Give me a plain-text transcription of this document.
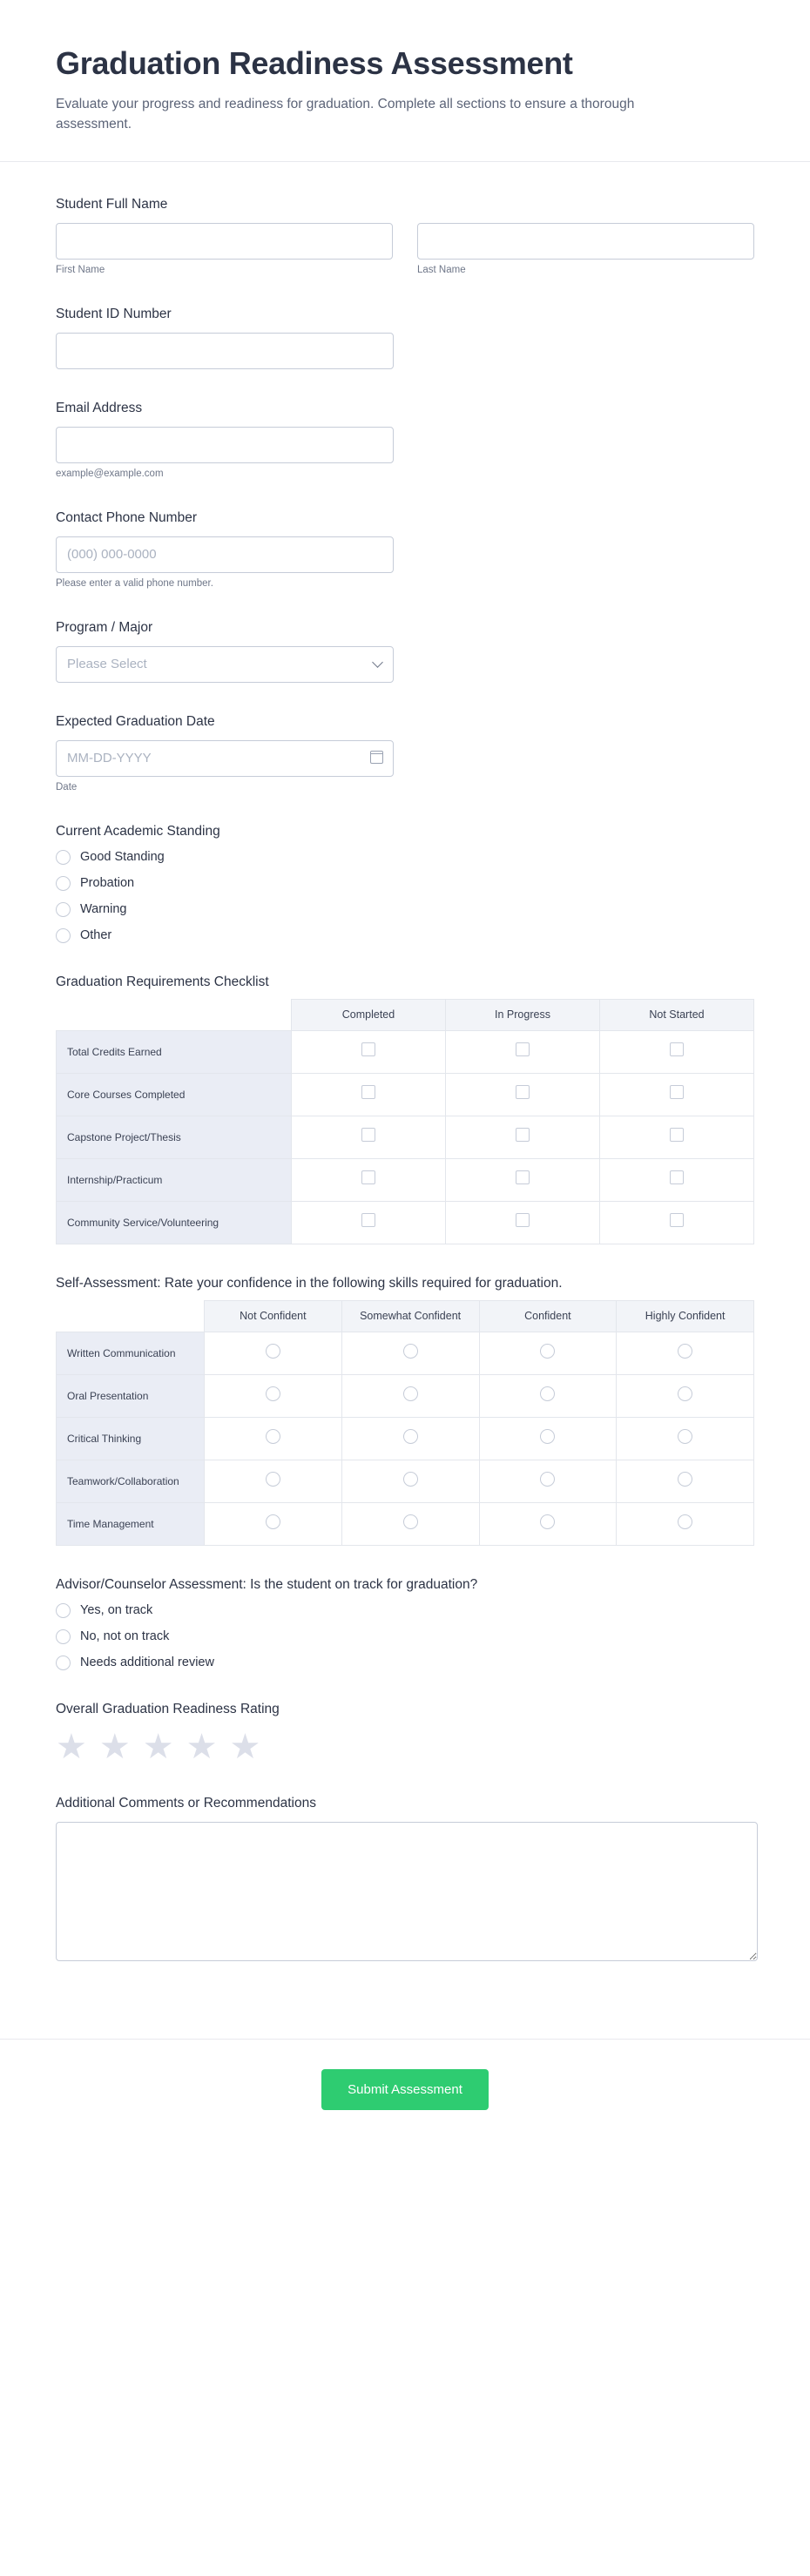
Graduation Readiness Assessment

Evaluate your progress and readiness for graduation. Complete all sections to ensure a thorough assessment.

Student Full Name
First Name	Last Name
Student ID Number
Email Address
example@example.com
Contact Phone Number
(000) 000-0000
Please enter a valid phone number.
Program / Major
Please Select
Expected Graduation Date
MM-DD-YYYY
Date
Current Academic Standing
Good Standing
Probation
Warning
Other
Graduation Requirements Checklist
	Completed	In Progress	Not Started
Total Credits Earned			
Core Courses Completed			
Capstone Project/Thesis			
Internship/Practicum			
Community Service/Volunteering			
Self-Assessment: Rate your confidence in the following skills required for graduation.
	Not Confident	Somewhat Confident	Confident	Highly Confident
Written Communication				
Oral Presentation				
Critical Thinking				
Teamwork/Collaboration				
Time Management				
Advisor/Counselor Assessment: Is the student on track for graduation?
Yes, on track
No, not on track
Needs additional review
Overall Graduation Readiness Rating
★ ★ ★ ★ ★
Additional Comments or Recommendations
Submit Assessment
